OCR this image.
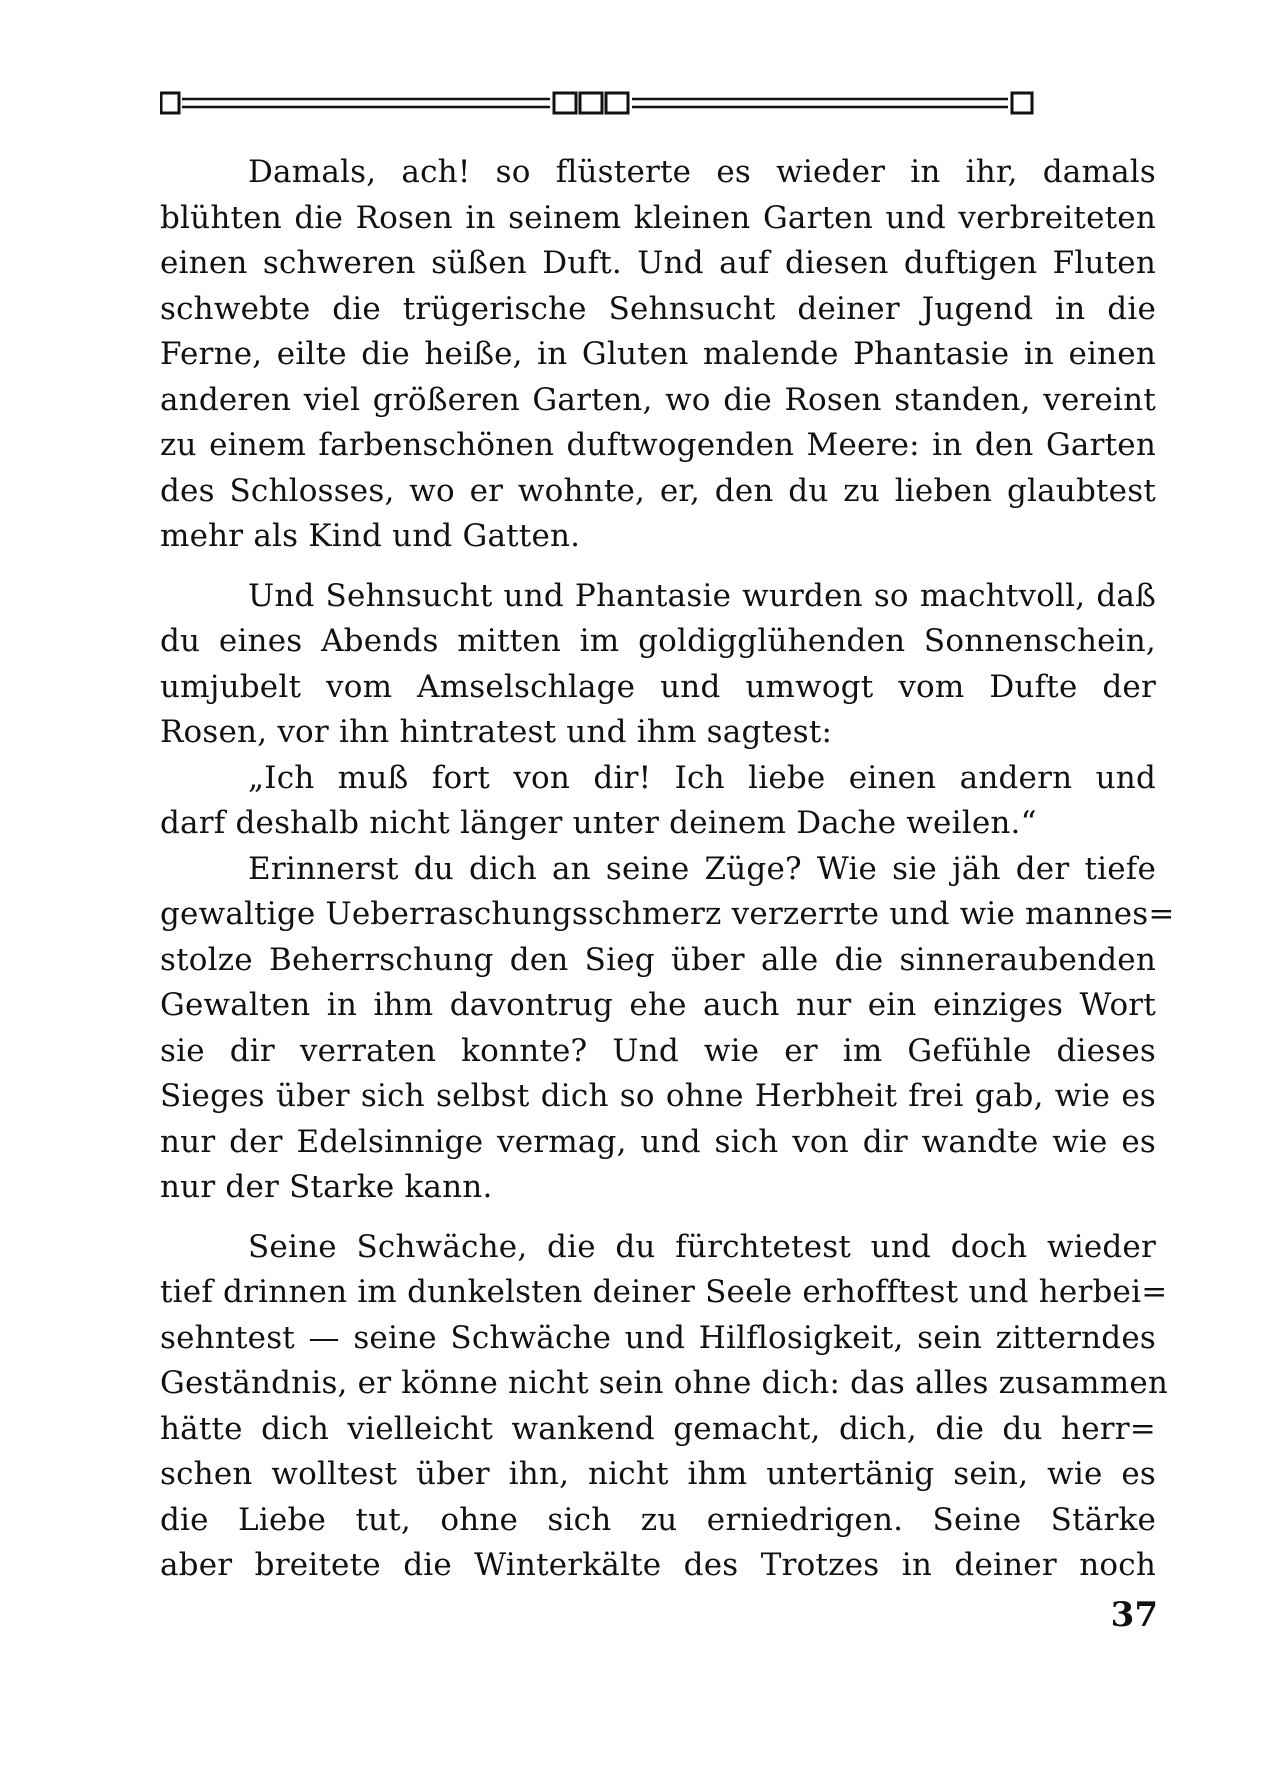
Damals, ach! so flüsterte es wieder in ihr, damals
blühten die Rosen in seinem kleinen Garten und verbreiteten
einen schweren süßen Duft. Und auf diesen duftigen Fluten
schwebte die trügerische Sehnsucht deiner Jugend in die
Ferne, eilte die heiße, in Gluten malende Phantasie in einen
anderen viel größeren Garten, wo die Rosen standen, vereint
zu einem farbenschönen duftwogenden Meere: in den Garten
des Schlosses, wo er wohnte, er, den du zu lieben glaubtest
mehr als Kind und Gatten.
Und Sehnsucht und Phantasie wurden so machtvoll, daß
du eines Abends mitten im goldigglühenden Sonnenschein,
umjubelt vom Amselschlage und umwogt vom Dufte der
Rosen, vor ihn hintratest und ihm sagtest:
„Ich muß fort von dir! Ich liebe einen andern und
darf deshalb nicht länger unter deinem Dache weilen.“
Erinnerst du dich an seine Züge? Wie sie jäh der tiefe
gewaltige Ueberraschungsschmerz verzerrte und wie mannes=
stolze Beherrschung den Sieg über alle die sinneraubenden
Gewalten in ihm davontrug ehe auch nur ein einziges Wort
sie dir verraten konnte? Und wie er im Gefühle dieses
Sieges über sich selbst dich so ohne Herbheit frei gab, wie es
nur der Edelsinnige vermag, und sich von dir wandte wie es
nur der Starke kann.
Seine Schwäche, die du fürchtetest und doch wieder
tief drinnen im dunkelsten deiner Seele erhofftest und herbei=
sehntest — seine Schwäche und Hilflosigkeit, sein zitterndes
Geständnis, er könne nicht sein ohne dich: das alles zusammen
hätte dich vielleicht wankend gemacht, dich, die du herr=
schen wolltest über ihn, nicht ihm untertänig sein, wie es
die Liebe tut, ohne sich zu erniedrigen. Seine Stärke
aber breitete die Winterkälte des Trotzes in deiner noch
37
